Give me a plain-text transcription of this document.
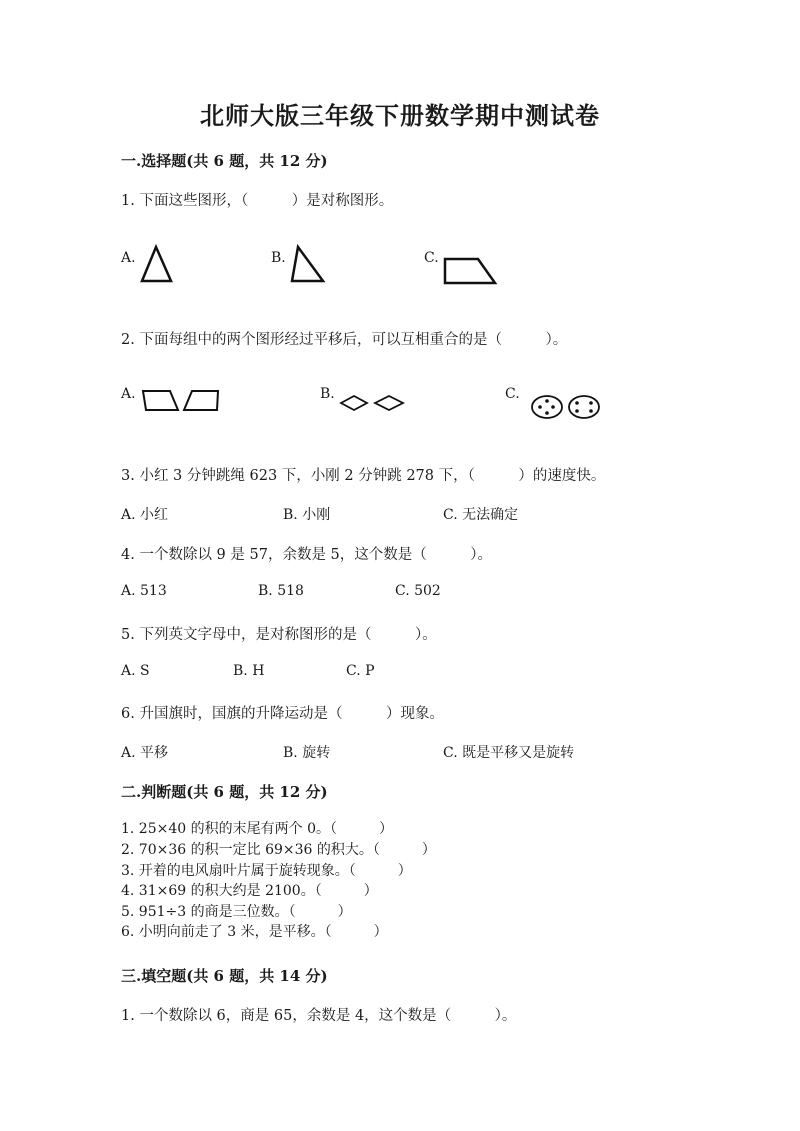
北师大版三年级下册数学期中测试卷
一.选择题(共 6 题，共 12 分)
1. 下面这些图形，（　　　）是对称图形。
A.	B.	C.
2. 下面每组中的两个图形经过平移后，可以互相重合的是（　　　）。
A.	B.	C.
3. 小红 3 分钟跳绳 623 下，小刚 2 分钟跳 278 下，（　　　）的速度快。
A. 小红	B. 小刚	C. 无法确定
4. 一个数除以 9 是 57，余数是 5，这个数是（　　　）。
A. 513	B. 518	C. 502
5. 下列英文字母中，是对称图形的是（　　　）。
A. S	B. H	C. P
6. 升国旗时，国旗的升降运动是（　　　）现象。
A. 平移	B. 旋转	C. 既是平移又是旋转
二.判断题(共 6 题，共 12 分)
1. 25×40 的积的末尾有两个 0。（　　　）
2. 70×36 的积一定比 69×36 的积大。（　　　）
3. 开着的电风扇叶片属于旋转现象。（　　　）
4. 31×69 的积大约是 2100。（　　　）
5. 951÷3 的商是三位数。（　　　）
6. 小明向前走了 3 米，是平移。（　　　）
三.填空题(共 6 题，共 14 分)
1. 一个数除以 6，商是 65，余数是 4，这个数是（　　　）。
